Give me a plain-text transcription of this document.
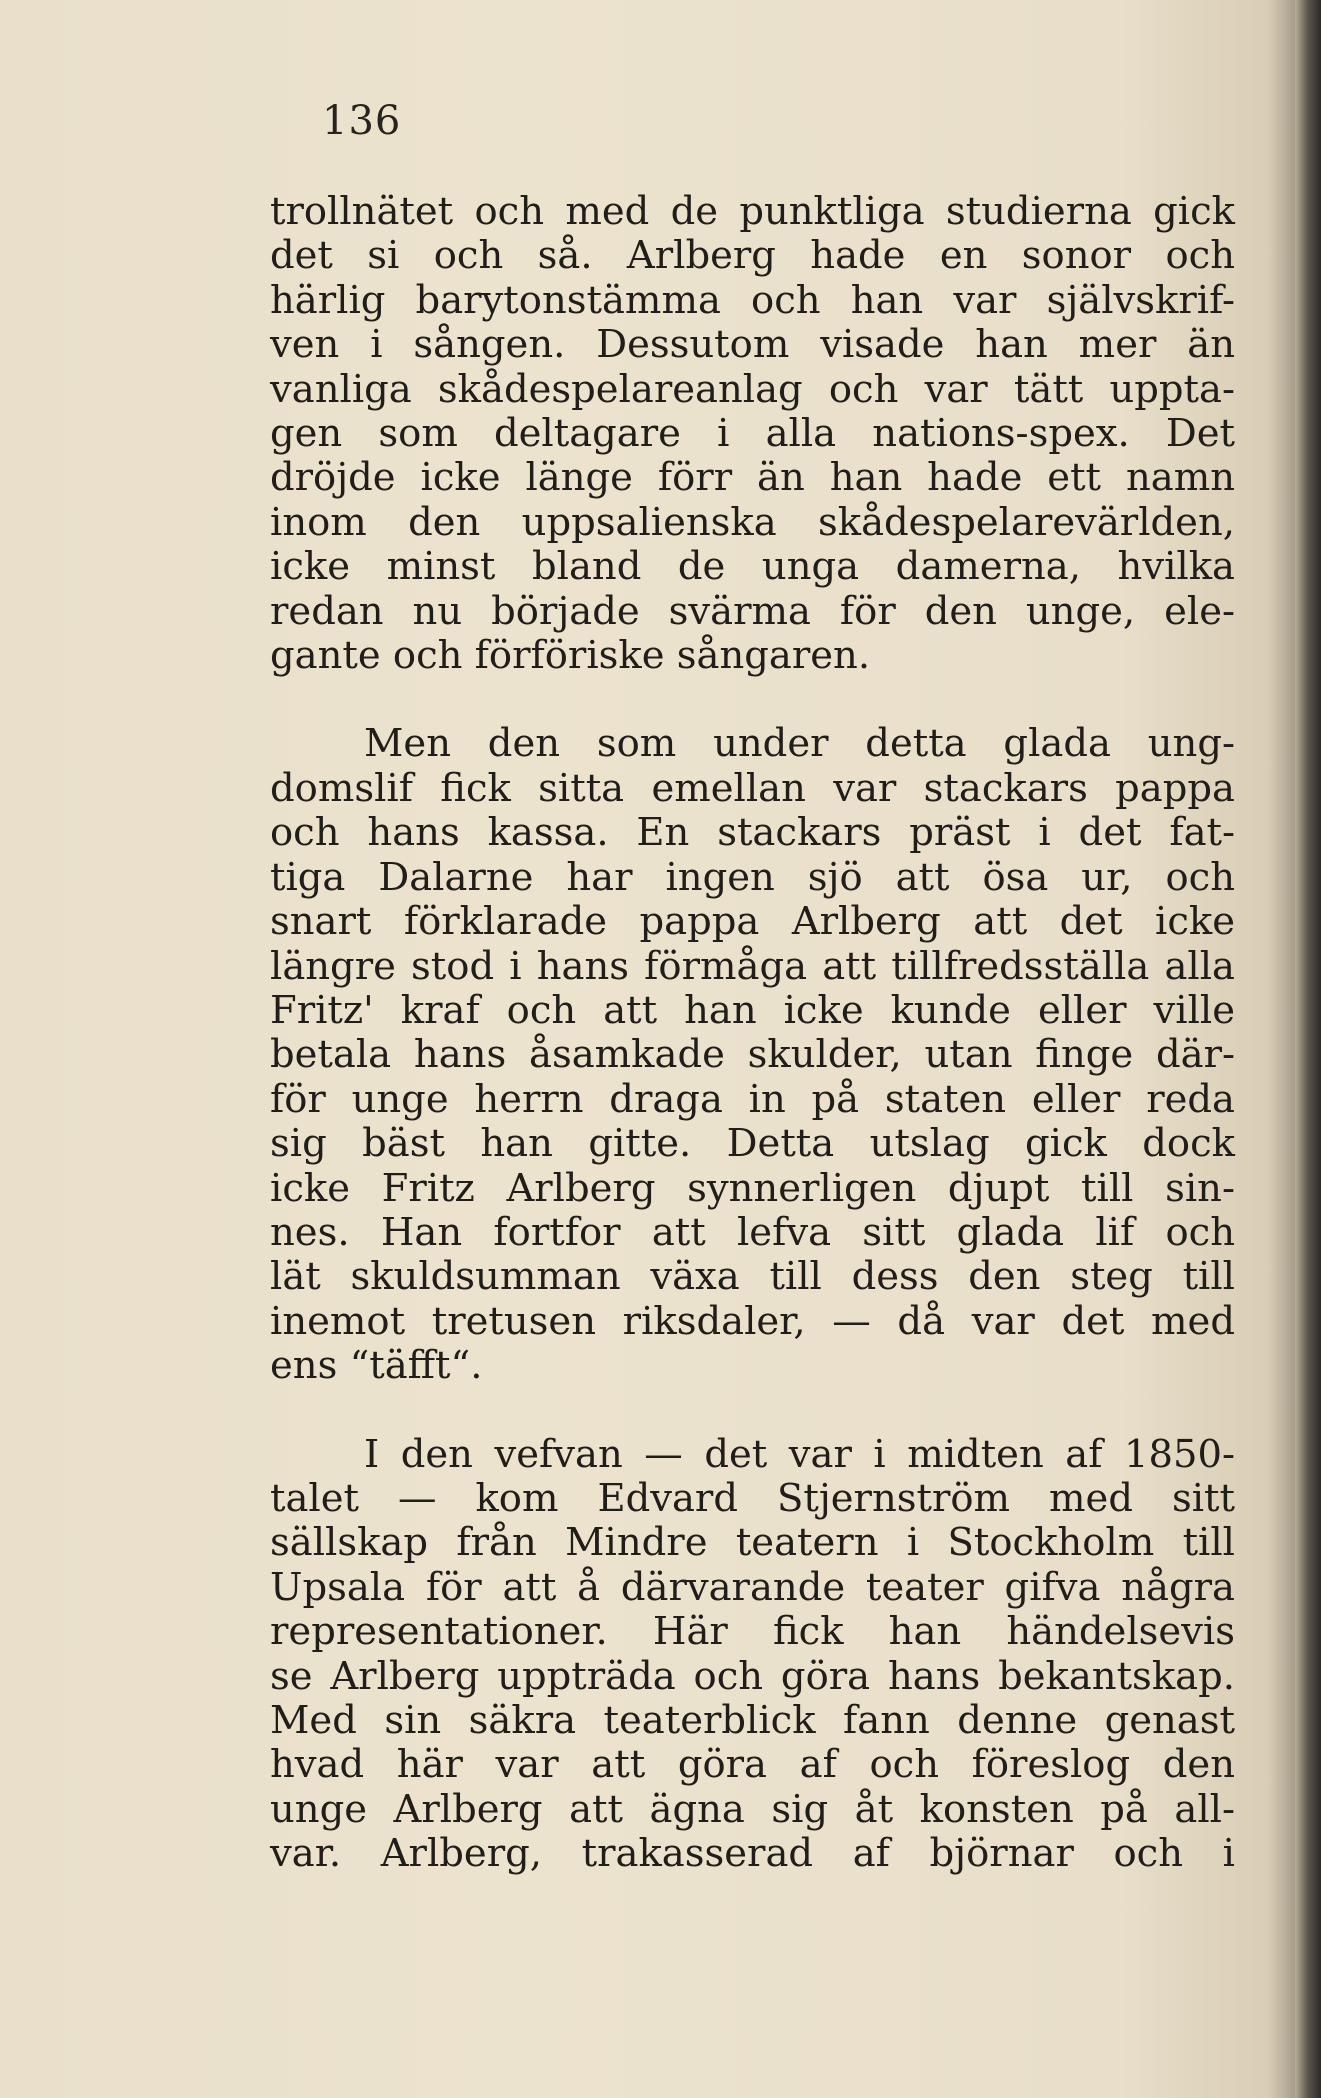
136

trollnätet och med de punktliga studierna gick
det si och så. Arlberg hade en sonor och
härlig barytonstämma och han var självskrif-
ven i sången. Dessutom visade han mer än
vanliga skådespelareanlag och var tätt uppta-
gen som deltagare i alla nations-spex. Det
dröjde icke länge förr än han hade ett namn
inom den uppsalienska skådespelarevärlden,
icke minst bland de unga damerna, hvilka
redan nu började svärma för den unge, ele-
gante och förföriske sångaren.

Men den som under detta glada ung-
domslif fick sitta emellan var stackars pappa
och hans kassa. En stackars präst i det fat-
tiga Dalarne har ingen sjö att ösa ur, och
snart förklarade pappa Arlberg att det icke
längre stod i hans förmåga att tillfredsställa alla
Fritz' kraf och att han icke kunde eller ville
betala hans åsamkade skulder, utan finge där-
för unge herrn draga in på staten eller reda
sig bäst han gitte. Detta utslag gick dock
icke Fritz Arlberg synnerligen djupt till sin-
nes. Han fortfor att lefva sitt glada lif och
lät skuldsumman växa till dess den steg till
inemot tretusen riksdaler, — då var det med
ens “täfft“.

I den vefvan — det var i midten af 1850-
talet — kom Edvard Stjernström med sitt
sällskap från Mindre teatern i Stockholm till
Upsala för att å därvarande teater gifva några
representationer. Här fick han händelsevis
se Arlberg uppträda och göra hans bekantskap.
Med sin säkra teaterblick fann denne genast
hvad här var att göra af och föreslog den
unge Arlberg att ägna sig åt konsten på all-
var. Arlberg, trakasserad af björnar och i
